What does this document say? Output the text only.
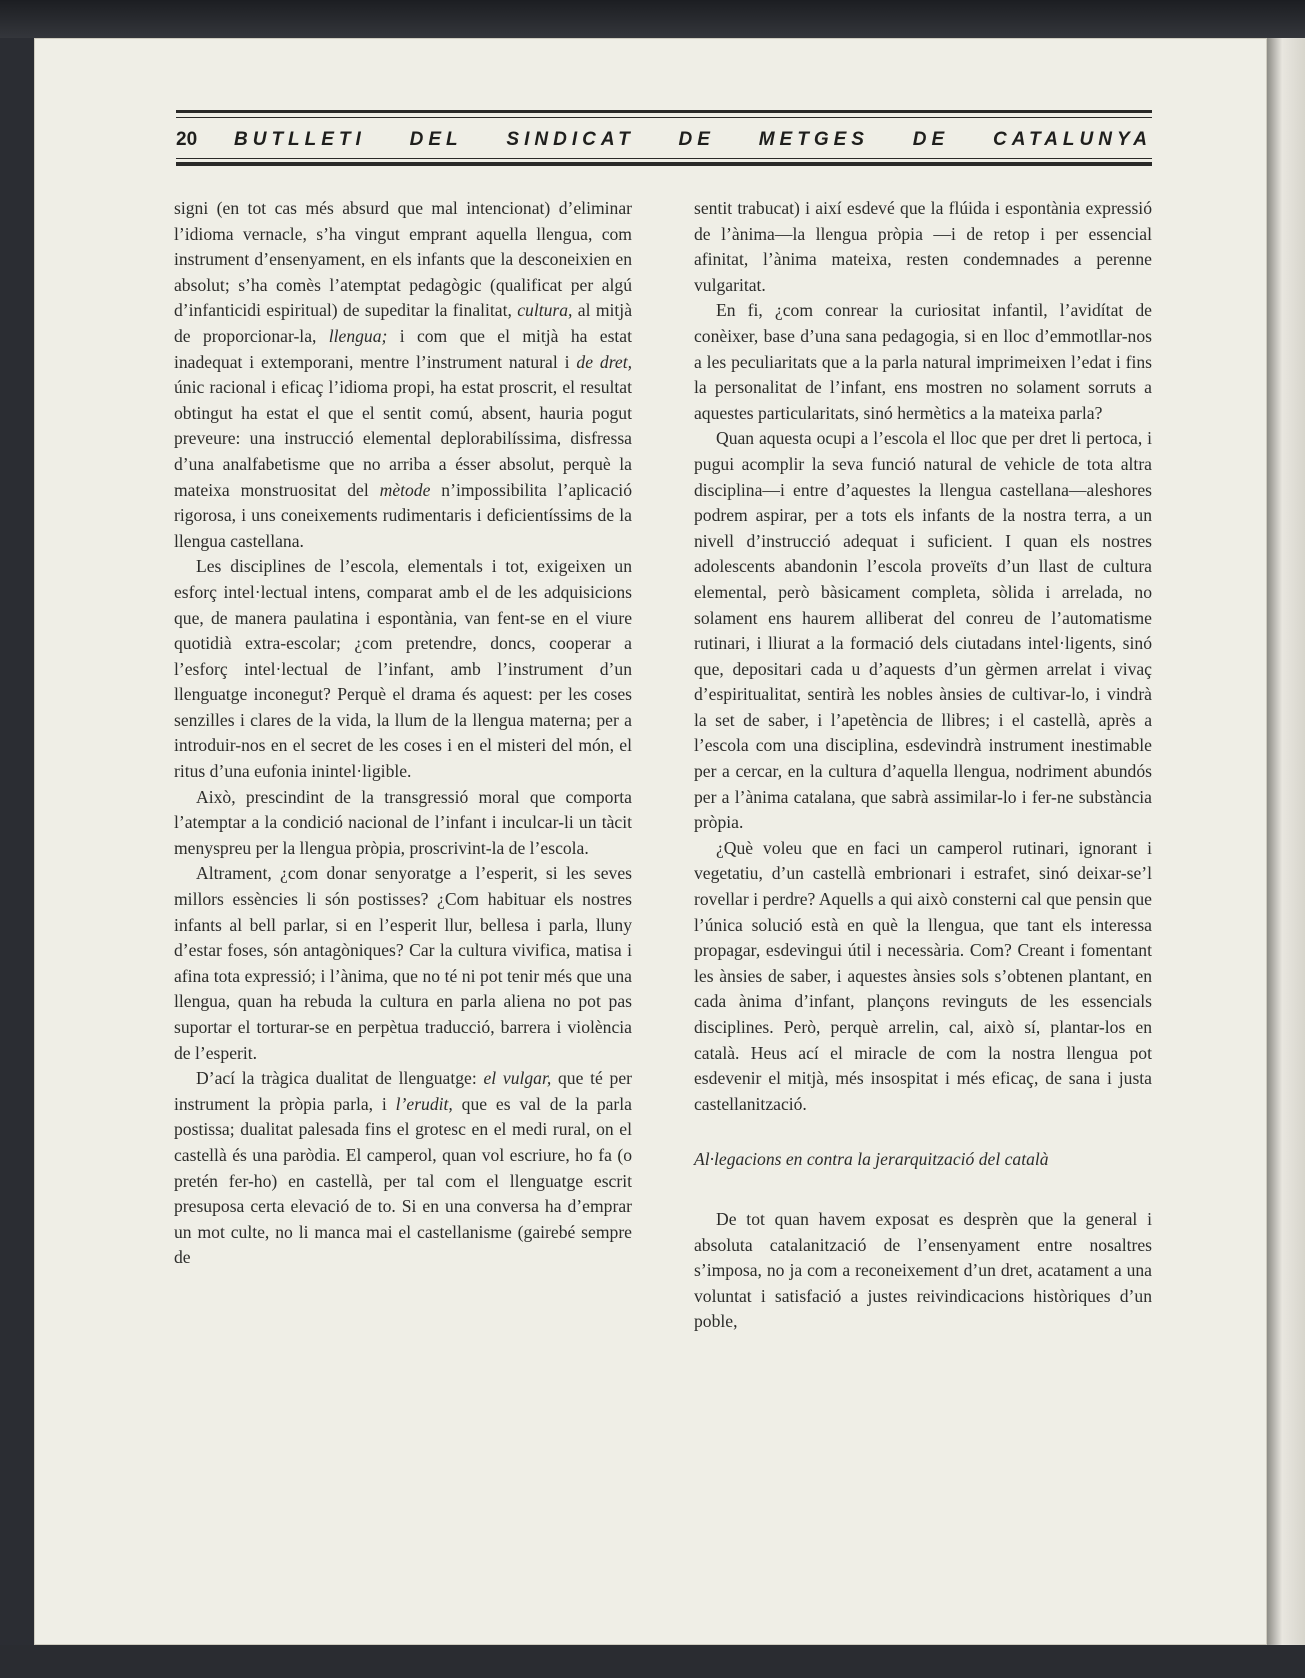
20	BUTLLETI DEL SINDICAT DE METGES DE CATALUNYA

signi (en tot cas més absurd que mal intencionat) d’eliminar l’idioma vernacle, s’ha vingut emprant aquella llengua, com instrument d’ensenyament, en els infants que la desconeixien en absolut; s’ha comès l’atemptat pedagògic (qualificat per algú d’infanticidi espiritual) de supeditar la finalitat, cultura, al mitjà de proporcionar-la, llengua; i com que el mitjà ha estat inadequat i extemporani, mentre l’instrument natural i de dret, únic racional i eficaç l’idioma propi, ha estat proscrit, el resultat obtingut ha estat el que el sentit comú, absent, hauria pogut preveure: una instrucció elemental deplorabilíssima, disfressa d’una analfabetisme que no arriba a ésser absolut, perquè la mateixa monstruositat del mètode n’impossibilita l’aplicació rigorosa, i uns coneixements rudimentaris i deficientíssims de la llengua castellana.

Les disciplines de l’escola, elementals i tot, exigeixen un esforç intel·lectual intens, comparat amb el de les adquisicions que, de manera paulatina i espontània, van fent-se en el viure quotidià extra-escolar; ¿com pretendre, doncs, cooperar a l’esforç intel·lectual de l’infant, amb l’instrument d’un llenguatge inconegut? Perquè el drama és aquest: per les coses senzilles i clares de la vida, la llum de la llengua materna; per a introduir-nos en el secret de les coses i en el misteri del món, el ritus d’una eufonia inintel·ligible.

Això, prescindint de la transgressió moral que comporta l’atemptar a la condició nacional de l’infant i inculcar-li un tàcit menyspreu per la llengua pròpia, proscrivint-la de l’escola.

Altrament, ¿com donar senyoratge a l’esperit, si les seves millors essències li són postisses? ¿Com habituar els nostres infants al bell parlar, si en l’esperit llur, bellesa i parla, lluny d’estar foses, són antagòniques? Car la cultura vivifica, matisa i afina tota expressió; i l’ànima, que no té ni pot tenir més que una llengua, quan ha rebuda la cultura en parla aliena no pot pas suportar el torturar-se en perpètua traducció, barrera i violència de l’esperit.

D’ací la tràgica dualitat de llenguatge: el vulgar, que té per instrument la pròpia parla, i l’erudit, que es val de la parla postissa; dualitat palesada fins el grotesc en el medi rural, on el castellà és una paròdia. El camperol, quan vol escriure, ho fa (o pretén fer-ho) en castellà, per tal com el llenguatge escrit presuposa certa elevació de to. Si en una conversa ha d’emprar un mot culte, no li manca mai el castellanisme (gairebé sempre de

sentit trabucat) i així esdevé que la flúida i espontània expressió de l’ànima—la llengua pròpia —i de retop i per essencial afinitat, l’ànima mateixa, resten condemnades a perenne vulgaritat.

En fi, ¿com conrear la curiositat infantil, l’avidítat de conèixer, base d’una sana pedagogia, si en lloc d’emmotllar-nos a les peculiaritats que a la parla natural imprimeixen l’edat i fins la personalitat de l’infant, ens mostren no solament sorruts a aquestes particularitats, sinó hermètics a la mateixa parla?

Quan aquesta ocupi a l’escola el lloc que per dret li pertoca, i pugui acomplir la seva funció natural de vehicle de tota altra disciplina—i entre d’aquestes la llengua castellana—aleshores podrem aspirar, per a tots els infants de la nostra terra, a un nivell d’instrucció adequat i suficient. I quan els nostres adolescents abandonin l’escola proveïts d’un llast de cultura elemental, però bàsicament completa, sòlida i arrelada, no solament ens haurem alliberat del conreu de l’automatisme rutinari, i lliurat a la formació dels ciutadans intel·ligents, sinó que, depositari cada u d’aquests d’un gèrmen arrelat i vivaç d’espiritualitat, sentirà les nobles ànsies de cultivar-lo, i vindrà la set de saber, i l’apetència de llibres; i el castellà, après a l’escola com una disciplina, esdevindrà instrument inestimable per a cercar, en la cultura d’aquella llengua, nodriment abundós per a l’ànima catalana, que sabrà assimilar-lo i fer-ne substància pròpia.

¿Què voleu que en faci un camperol rutinari, ignorant i vegetatiu, d’un castellà embrionari i estrafet, sinó deixar-se’l rovellar i perdre? Aquells a qui això consterni cal que pensin que l’única solució està en què la llengua, que tant els interessa propagar, esdevingui útil i necessària. Com? Creant i fomentant les ànsies de saber, i aquestes ànsies sols s’obtenen plantant, en cada ànima d’infant, plançons revinguts de les essencials disciplines. Però, perquè arrelin, cal, això sí, plantar-los en català. Heus ací el miracle de com la nostra llengua pot esdevenir el mitjà, més insospitat i més eficaç, de sana i justa castellanització.

Al·legacions en contra la jerarquització del català

De tot quan havem exposat es desprèn que la general i absoluta catalanització de l’ensenyament entre nosaltres s’imposa, no ja com a reconeixement d’un dret, acatament a una voluntat i satisfació a justes reivindicacions històriques d’un poble,
